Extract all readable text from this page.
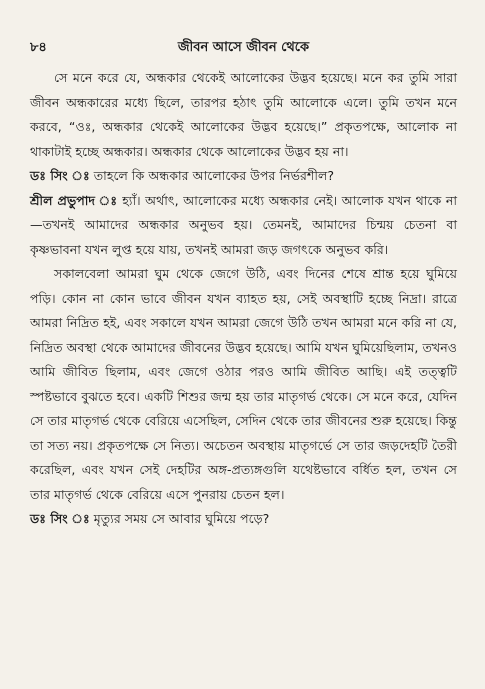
৮৪	জীবন আসে জীবন থেকে

সে মনে করে যে, অন্ধকার থেকেই আলোকের উদ্ভব হয়েছে। মনে কর তুমি সারা জীবন অন্ধকারের মধ্যে ছিলে, তারপর হঠাৎ তুমি আলোকে এলে। তুমি তখন মনে করবে, “ওঃ, অন্ধকার থেকেই আলোকের উদ্ভব হয়েছে।” প্রকৃতপক্ষে, আলোক না থাকাটাই হচ্ছে অন্ধকার। অন্ধকার থেকে আলোকের উদ্ভব হয় না।

ডঃ সিং ঃ তাহলে কি অন্ধকার আলোকের উপর নির্ভরশীল?

শ্রীল প্রভুপাদ ঃ হ্যাঁ। অর্থাৎ, আলোকের মধ্যে অন্ধকার নেই। আলোক যখন থাকে না—তখনই আমাদের অন্ধকার অনুভব হয়। তেমনই, আমাদের চিন্ময় চেতনা বা কৃষ্ণভাবনা যখন লুপ্ত হয়ে যায়, তখনই আমরা জড় জগৎকে অনুভব করি।

সকালবেলা আমরা ঘুম থেকে জেগে উঠি, এবং দিনের শেষে শ্রান্ত হয়ে ঘুমিয়ে পড়ি। কোন না কোন ভাবে জীবন যখন ব্যাহত হয়, সেই অবস্থাটি হচ্ছে নিদ্রা। রাত্রে আমরা নিদ্রিত হই, এবং সকালে যখন আমরা জেগে উঠি তখন আমরা মনে করি না যে, নিদ্রিত অবস্থা থেকে আমাদের জীবনের উদ্ভব হয়েছে। আমি যখন ঘুমিয়েছিলাম, তখনও আমি জীবিত ছিলাম, এবং জেগে ওঠার পরও আমি জীবিত আছি। এই তত্ত্বটি স্পষ্টভাবে বুঝতে হবে। একটি শিশুর জন্ম হয় তার মাতৃগর্ভ থেকে। সে মনে করে, যেদিন সে তার মাতৃগর্ভ থেকে বেরিয়ে এসেছিল, সেদিন থেকে তার জীবনের শুরু হয়েছে। কিন্তু তা সত্য নয়। প্রকৃতপক্ষে সে নিত্য। অচেতন অবস্থায় মাতৃগর্ভে সে তার জড়দেহটি তৈরী করেছিল, এবং যখন সেই দেহটির অঙ্গ-প্রত্যঙ্গগুলি যথেষ্টভাবে বর্ধিত হল, তখন সে তার মাতৃগর্ভ থেকে বেরিয়ে এসে পুনরায় চেতন হল।

ডঃ সিং ঃ মৃত্যুর সময় সে আবার ঘুমিয়ে পড়ে?
